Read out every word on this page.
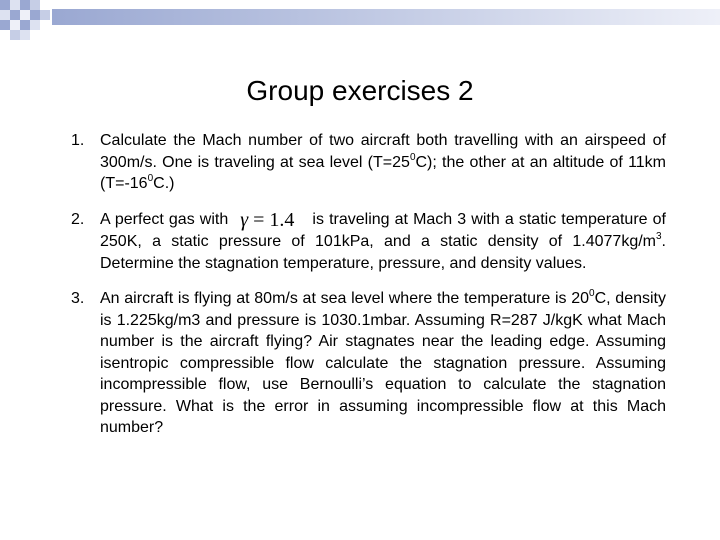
Group exercises 2
1. Calculate the Mach number of two aircraft both travelling with an airspeed of 300m/s. One is traveling at sea level $(T=25^0C)$; the other at an altitude of 11km $(T=-16^0C.)$
2. A perfect gas with γ = 1.4 is traveling at Mach 3 with a static temperature of 250K, a static pressure of 101kPa, and a static density of $1.4077kg/m^3$. Determine the stagnation temperature, pressure, and density values.
3. An aircraft is flying at 80m/s at sea level where the temperature is $20^0C$, density is 1.225kg/m3 and pressure is 1030.1mbar. Assuming R=287 J/kgK what Mach number is the aircraft flying? Air stagnates near the leading edge. Assuming isentropic compressible flow calculate the stagnation pressure. Assuming incompressible flow, use Bernoulli’s equation to calculate the stagnation pressure. What is the error in assuming incompressible flow at this Mach number?
